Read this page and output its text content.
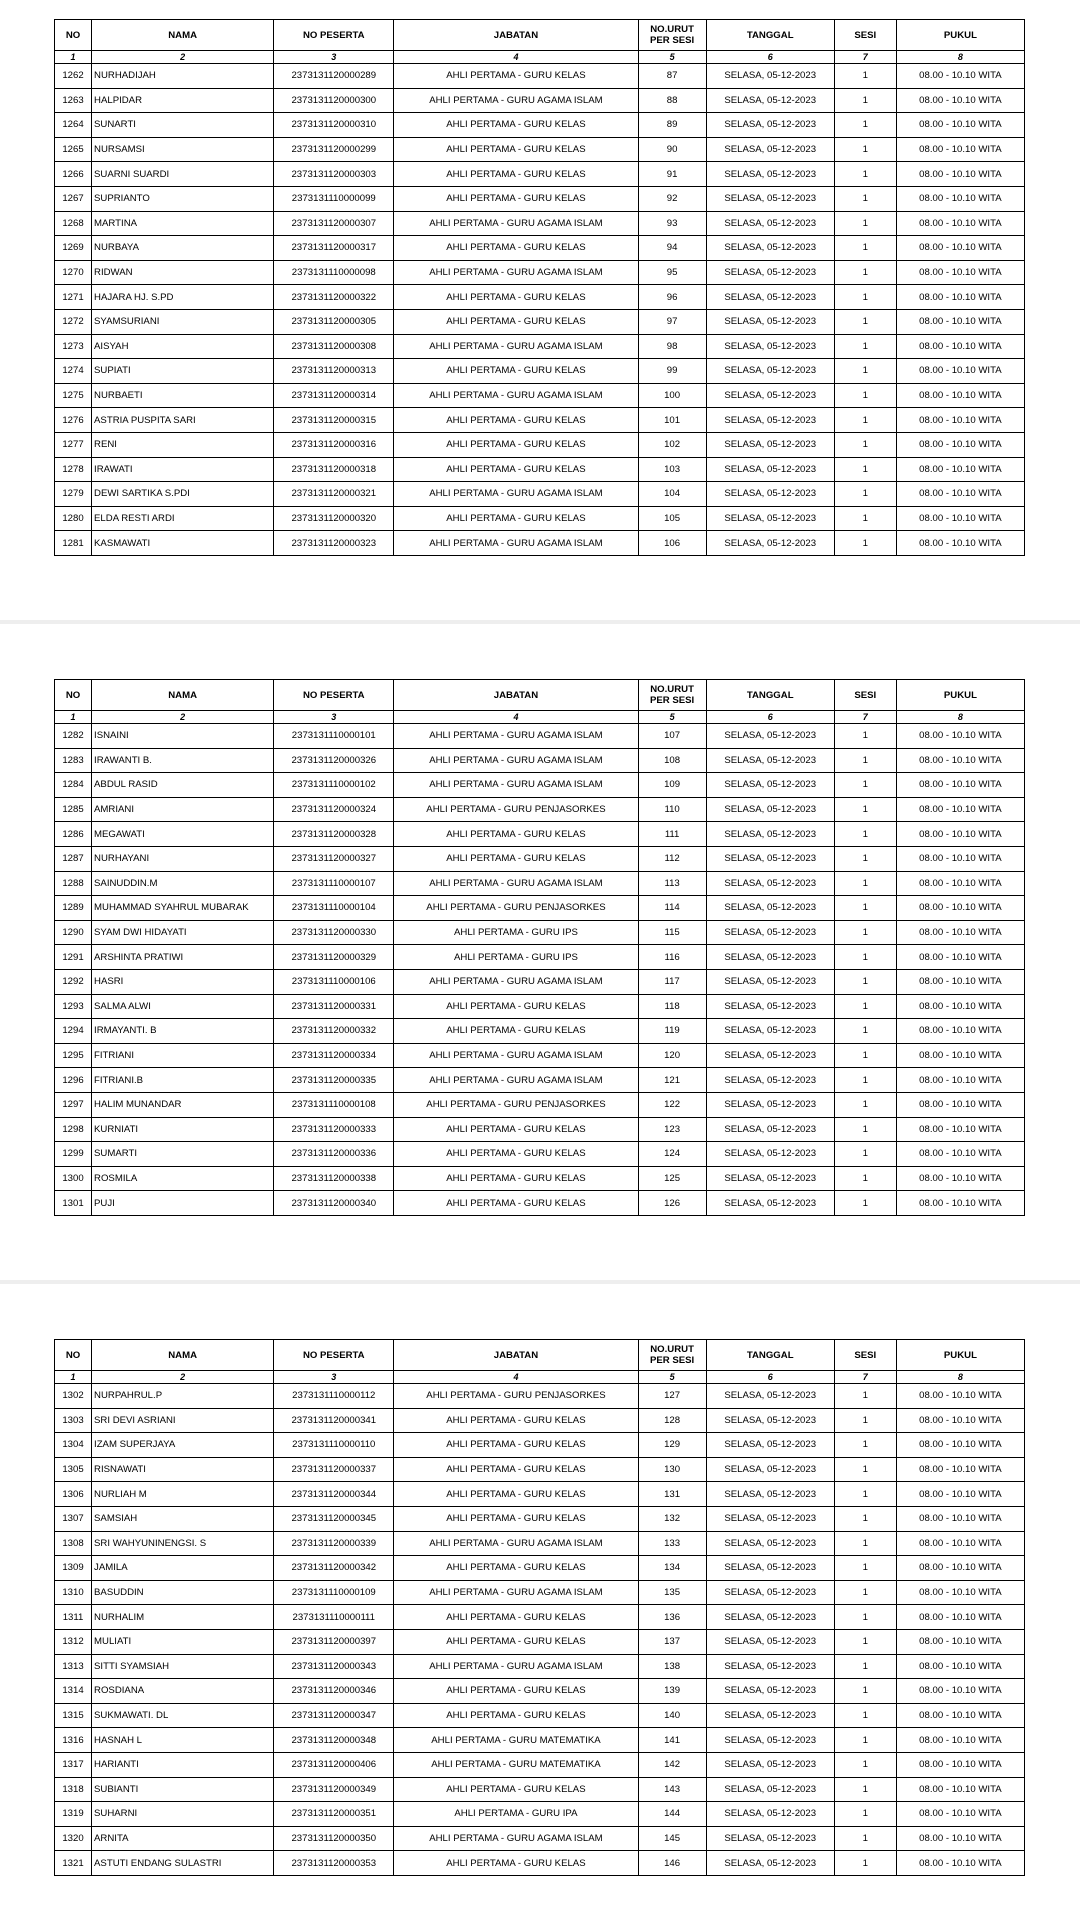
NO	NAMA	NO PESERTA	JABATAN	NO.URUT PER SESI	TANGGAL	SESI	PUKUL
1	2	3	4	5	6	7	8
1262	NURHADIJAH	2373131120000289	AHLI PERTAMA - GURU KELAS	87	SELASA, 05-12-2023	1	08.00 - 10.10 WITA
1263	HALPIDAR	2373131120000300	AHLI PERTAMA - GURU AGAMA ISLAM	88	SELASA, 05-12-2023	1	08.00 - 10.10 WITA
1264	SUNARTI	2373131120000310	AHLI PERTAMA - GURU KELAS	89	SELASA, 05-12-2023	1	08.00 - 10.10 WITA
1265	NURSAMSI	2373131120000299	AHLI PERTAMA - GURU KELAS	90	SELASA, 05-12-2023	1	08.00 - 10.10 WITA
1266	SUARNI SUARDI	2373131120000303	AHLI PERTAMA - GURU KELAS	91	SELASA, 05-12-2023	1	08.00 - 10.10 WITA
1267	SUPRIANTO	2373131110000099	AHLI PERTAMA - GURU KELAS	92	SELASA, 05-12-2023	1	08.00 - 10.10 WITA
1268	MARTINA	2373131120000307	AHLI PERTAMA - GURU AGAMA ISLAM	93	SELASA, 05-12-2023	1	08.00 - 10.10 WITA
1269	NURBAYA	2373131120000317	AHLI PERTAMA - GURU KELAS	94	SELASA, 05-12-2023	1	08.00 - 10.10 WITA
1270	RIDWAN	2373131110000098	AHLI PERTAMA - GURU AGAMA ISLAM	95	SELASA, 05-12-2023	1	08.00 - 10.10 WITA
1271	HAJARA HJ. S.PD	2373131120000322	AHLI PERTAMA - GURU KELAS	96	SELASA, 05-12-2023	1	08.00 - 10.10 WITA
1272	SYAMSURIANI	2373131120000305	AHLI PERTAMA - GURU KELAS	97	SELASA, 05-12-2023	1	08.00 - 10.10 WITA
1273	AISYAH	2373131120000308	AHLI PERTAMA - GURU AGAMA ISLAM	98	SELASA, 05-12-2023	1	08.00 - 10.10 WITA
1274	SUPIATI	2373131120000313	AHLI PERTAMA - GURU KELAS	99	SELASA, 05-12-2023	1	08.00 - 10.10 WITA
1275	NURBAETI	2373131120000314	AHLI PERTAMA - GURU AGAMA ISLAM	100	SELASA, 05-12-2023	1	08.00 - 10.10 WITA
1276	ASTRIA PUSPITA SARI	2373131120000315	AHLI PERTAMA - GURU KELAS	101	SELASA, 05-12-2023	1	08.00 - 10.10 WITA
1277	RENI	2373131120000316	AHLI PERTAMA - GURU KELAS	102	SELASA, 05-12-2023	1	08.00 - 10.10 WITA
1278	IRAWATI	2373131120000318	AHLI PERTAMA - GURU KELAS	103	SELASA, 05-12-2023	1	08.00 - 10.10 WITA
1279	DEWI SARTIKA S.PDI	2373131120000321	AHLI PERTAMA - GURU AGAMA ISLAM	104	SELASA, 05-12-2023	1	08.00 - 10.10 WITA
1280	ELDA RESTI ARDI	2373131120000320	AHLI PERTAMA - GURU KELAS	105	SELASA, 05-12-2023	1	08.00 - 10.10 WITA
1281	KASMAWATI	2373131120000323	AHLI PERTAMA - GURU AGAMA ISLAM	106	SELASA, 05-12-2023	1	08.00 - 10.10 WITA
NO	NAMA	NO PESERTA	JABATAN	NO.URUT PER SESI	TANGGAL	SESI	PUKUL
1	2	3	4	5	6	7	8
1282	ISNAINI	2373131110000101	AHLI PERTAMA - GURU AGAMA ISLAM	107	SELASA, 05-12-2023	1	08.00 - 10.10 WITA
1283	IRAWANTI B.	2373131120000326	AHLI PERTAMA - GURU AGAMA ISLAM	108	SELASA, 05-12-2023	1	08.00 - 10.10 WITA
1284	ABDUL RASID	2373131110000102	AHLI PERTAMA - GURU AGAMA ISLAM	109	SELASA, 05-12-2023	1	08.00 - 10.10 WITA
1285	AMRIANI	2373131120000324	AHLI PERTAMA - GURU PENJASORKES	110	SELASA, 05-12-2023	1	08.00 - 10.10 WITA
1286	MEGAWATI	2373131120000328	AHLI PERTAMA - GURU KELAS	111	SELASA, 05-12-2023	1	08.00 - 10.10 WITA
1287	NURHAYANI	2373131120000327	AHLI PERTAMA - GURU KELAS	112	SELASA, 05-12-2023	1	08.00 - 10.10 WITA
1288	SAINUDDIN.M	2373131110000107	AHLI PERTAMA - GURU AGAMA ISLAM	113	SELASA, 05-12-2023	1	08.00 - 10.10 WITA
1289	MUHAMMAD SYAHRUL MUBARAK	2373131110000104	AHLI PERTAMA - GURU PENJASORKES	114	SELASA, 05-12-2023	1	08.00 - 10.10 WITA
1290	SYAM DWI HIDAYATI	2373131120000330	AHLI PERTAMA - GURU IPS	115	SELASA, 05-12-2023	1	08.00 - 10.10 WITA
1291	ARSHINTA PRATIWI	2373131120000329	AHLI PERTAMA - GURU IPS	116	SELASA, 05-12-2023	1	08.00 - 10.10 WITA
1292	HASRI	2373131110000106	AHLI PERTAMA - GURU AGAMA ISLAM	117	SELASA, 05-12-2023	1	08.00 - 10.10 WITA
1293	SALMA ALWI	2373131120000331	AHLI PERTAMA - GURU KELAS	118	SELASA, 05-12-2023	1	08.00 - 10.10 WITA
1294	IRMAYANTI. B	2373131120000332	AHLI PERTAMA - GURU KELAS	119	SELASA, 05-12-2023	1	08.00 - 10.10 WITA
1295	FITRIANI	2373131120000334	AHLI PERTAMA - GURU AGAMA ISLAM	120	SELASA, 05-12-2023	1	08.00 - 10.10 WITA
1296	FITRIANI.B	2373131120000335	AHLI PERTAMA - GURU AGAMA ISLAM	121	SELASA, 05-12-2023	1	08.00 - 10.10 WITA
1297	HALIM MUNANDAR	2373131110000108	AHLI PERTAMA - GURU PENJASORKES	122	SELASA, 05-12-2023	1	08.00 - 10.10 WITA
1298	KURNIATI	2373131120000333	AHLI PERTAMA - GURU KELAS	123	SELASA, 05-12-2023	1	08.00 - 10.10 WITA
1299	SUMARTI	2373131120000336	AHLI PERTAMA - GURU KELAS	124	SELASA, 05-12-2023	1	08.00 - 10.10 WITA
1300	ROSMILA	2373131120000338	AHLI PERTAMA - GURU KELAS	125	SELASA, 05-12-2023	1	08.00 - 10.10 WITA
1301	PUJI	2373131120000340	AHLI PERTAMA - GURU KELAS	126	SELASA, 05-12-2023	1	08.00 - 10.10 WITA
NO	NAMA	NO PESERTA	JABATAN	NO.URUT PER SESI	TANGGAL	SESI	PUKUL
1	2	3	4	5	6	7	8
1302	NURPAHRUL.P	2373131110000112	AHLI PERTAMA - GURU PENJASORKES	127	SELASA, 05-12-2023	1	08.00 - 10.10 WITA
1303	SRI DEVI ASRIANI	2373131120000341	AHLI PERTAMA - GURU KELAS	128	SELASA, 05-12-2023	1	08.00 - 10.10 WITA
1304	IZAM SUPERJAYA	2373131110000110	AHLI PERTAMA - GURU KELAS	129	SELASA, 05-12-2023	1	08.00 - 10.10 WITA
1305	RISNAWATI	2373131120000337	AHLI PERTAMA - GURU KELAS	130	SELASA, 05-12-2023	1	08.00 - 10.10 WITA
1306	NURLIAH M	2373131120000344	AHLI PERTAMA - GURU KELAS	131	SELASA, 05-12-2023	1	08.00 - 10.10 WITA
1307	SAMSIAH	2373131120000345	AHLI PERTAMA - GURU KELAS	132	SELASA, 05-12-2023	1	08.00 - 10.10 WITA
1308	SRI WAHYUNINENGSI. S	2373131120000339	AHLI PERTAMA - GURU AGAMA ISLAM	133	SELASA, 05-12-2023	1	08.00 - 10.10 WITA
1309	JAMILA	2373131120000342	AHLI PERTAMA - GURU KELAS	134	SELASA, 05-12-2023	1	08.00 - 10.10 WITA
1310	BASUDDIN	2373131110000109	AHLI PERTAMA - GURU AGAMA ISLAM	135	SELASA, 05-12-2023	1	08.00 - 10.10 WITA
1311	NURHALIM	2373131110000111	AHLI PERTAMA - GURU KELAS	136	SELASA, 05-12-2023	1	08.00 - 10.10 WITA
1312	MULIATI	2373131120000397	AHLI PERTAMA - GURU KELAS	137	SELASA, 05-12-2023	1	08.00 - 10.10 WITA
1313	SITTI SYAMSIAH	2373131120000343	AHLI PERTAMA - GURU AGAMA ISLAM	138	SELASA, 05-12-2023	1	08.00 - 10.10 WITA
1314	ROSDIANA	2373131120000346	AHLI PERTAMA - GURU KELAS	139	SELASA, 05-12-2023	1	08.00 - 10.10 WITA
1315	SUKMAWATI. DL	2373131120000347	AHLI PERTAMA - GURU KELAS	140	SELASA, 05-12-2023	1	08.00 - 10.10 WITA
1316	HASNAH L	2373131120000348	AHLI PERTAMA - GURU MATEMATIKA	141	SELASA, 05-12-2023	1	08.00 - 10.10 WITA
1317	HARIANTI	2373131120000406	AHLI PERTAMA - GURU MATEMATIKA	142	SELASA, 05-12-2023	1	08.00 - 10.10 WITA
1318	SUBIANTI	2373131120000349	AHLI PERTAMA - GURU KELAS	143	SELASA, 05-12-2023	1	08.00 - 10.10 WITA
1319	SUHARNI	2373131120000351	AHLI PERTAMA - GURU IPA	144	SELASA, 05-12-2023	1	08.00 - 10.10 WITA
1320	ARNITA	2373131120000350	AHLI PERTAMA - GURU AGAMA ISLAM	145	SELASA, 05-12-2023	1	08.00 - 10.10 WITA
1321	ASTUTI ENDANG SULASTRI	2373131120000353	AHLI PERTAMA - GURU KELAS	146	SELASA, 05-12-2023	1	08.00 - 10.10 WITA
